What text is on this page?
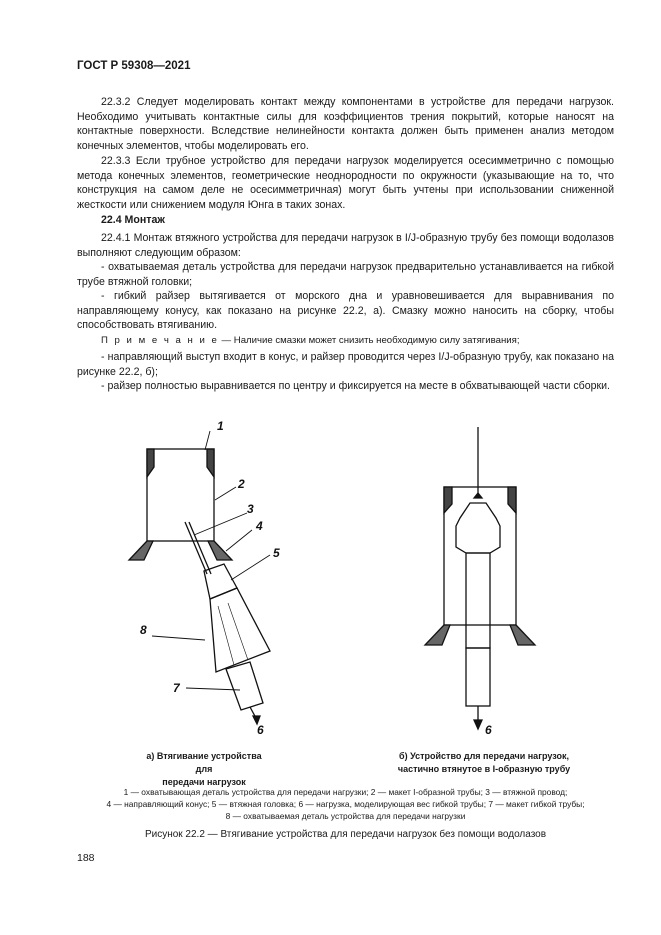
ГОСТ Р 59308—2021
22.3.2 Следует моделировать контакт между компонентами в устройстве для передачи нагрузок. Необходимо учитывать контактные силы для коэффициентов трения покрытий, которые наносят на контактные поверхности. Вследствие нелинейности контакта должен быть применен анализ методом конечных элементов, чтобы моделировать его.
22.3.3 Если трубное устройство для передачи нагрузок моделируется осесимметрично с помощью метода конечных элементов, геометрические неоднородности по окружности (указывающие на то, что конструкция на самом деле не осесимметричная) могут быть учтены при использовании сниженной жесткости или снижением модуля Юнга в таких зонах.
22.4 Монтаж
22.4.1 Монтаж втяжного устройства для передачи нагрузок в I/J-образную трубу без помощи водолазов выполняют следующим образом:
- охватываемая деталь устройства для передачи нагрузок предварительно устанавливается на гибкой трубе втяжной головки;
- гибкий райзер вытягивается от морского дна и уравновешивается для выравнивания по направляющему конусу, как показано на рисунке 22.2, а). Смазку можно наносить на сборку, чтобы способствовать втягиванию.
П р и м е ч а н и е — Наличие смазки может снизить необходимую силу затягивания;
- направляющий выступ входит в конус, и райзер проводится через I/J-образную трубу, как показано на рисунке 22.2, б);
- райзер полностью выравнивается по центру и фиксируется на месте в обхватывающей части сборки.
1
2
3
4
5
6
7
8
6
а) Втягивание устройства для
передачи нагрузок
б) Устройство для передачи нагрузок,
частично втянутое в I-образную трубу
1 — охватывающая деталь устройства для передачи нагрузки; 2 — макет I-образной трубы; 3 — втяжной провод;
4 — направляющий конус; 5 — втяжная головка; 6 — нагрузка, моделирующая вес гибкой трубы; 7 — макет гибкой трубы;
8 — охватываемая деталь устройства для передачи нагрузки
Рисунок 22.2 — Втягивание устройства для передачи нагрузок без помощи водолазов
188
